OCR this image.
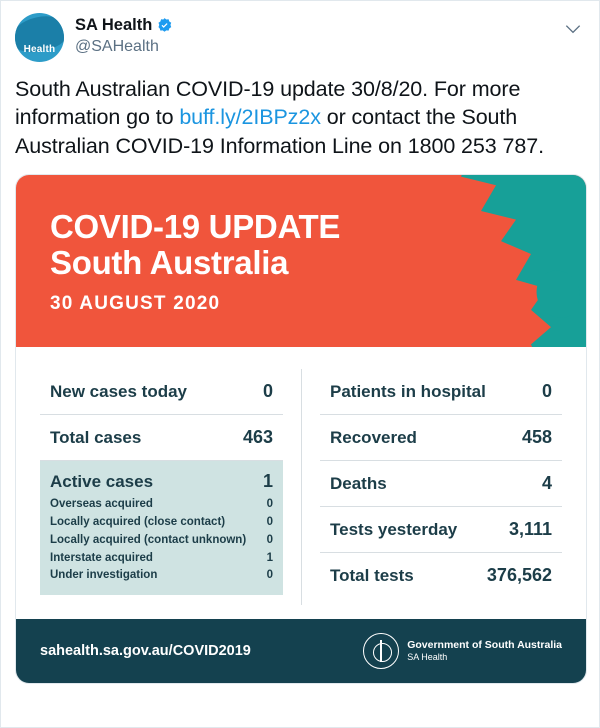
Health
SA Health
@SAHealth
South Australian COVID-19 update 30/8/20. For more information go to buff.ly/2IBPz2x or contact the South Australian COVID-19 Information Line on 1800 253 787.
COVID-19 UPDATE
South Australia
30 AUGUST 2020
New cases today	0
Total cases	463
Active cases	1
Overseas acquired	0
Locally acquired (close contact)	0
Locally acquired (contact unknown) 0
Interstate acquired	1
Under investigation	0
Patients in hospital	0
Recovered	458
Deaths	4
Tests yesterday	3,111
Total tests	376,562
sahealth.sa.gov.au/COVID2019	Government of South Australia
SA Health
